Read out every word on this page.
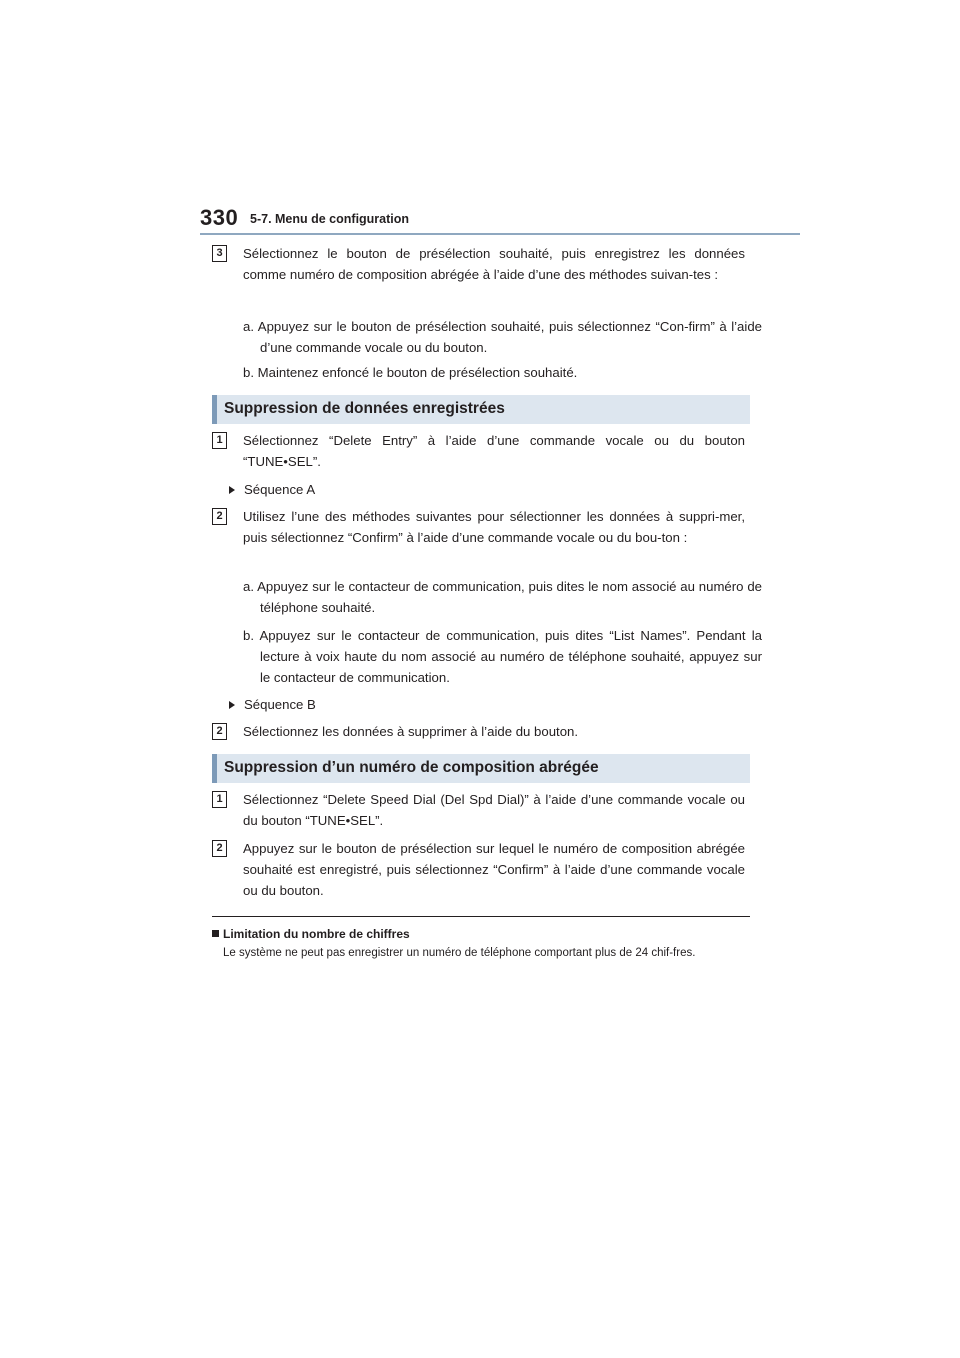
330 5-7. Menu de configuration
3	Sélectionnez le bouton de présélection souhaité, puis enregistrez les données comme numéro de composition abrégée à l’aide d’une des méthodes suivan-tes :
a. Appuyez sur le bouton de présélection souhaité, puis sélectionnez “Con-firm” à l’aide d’une commande vocale ou du bouton.
b. Maintenez enfoncé le bouton de présélection souhaité.
Suppression de données enregistrées
1	Sélectionnez “Delete Entry” à l’aide d’une commande vocale ou du bouton “TUNE•SEL”.
Séquence A
2	Utilisez l’une des méthodes suivantes pour sélectionner les données à suppri-mer, puis sélectionnez “Confirm” à l’aide d’une commande vocale ou du bou-ton :
a. Appuyez sur le contacteur de communication, puis dites le nom associé au numéro de téléphone souhaité.
b. Appuyez sur le contacteur de communication, puis dites “List Names”. Pendant la lecture à voix haute du nom associé au numéro de téléphone souhaité, appuyez sur le contacteur de communication.
Séquence B
2	Sélectionnez les données à supprimer à l’aide du bouton.
Suppression d’un numéro de composition abrégée
1	Sélectionnez “Delete Speed Dial (Del Spd Dial)” à l’aide d’une commande vocale ou du bouton “TUNE•SEL”.
2	Appuyez sur le bouton de présélection sur lequel le numéro de composition abrégée souhaité est enregistré, puis sélectionnez “Confirm” à l’aide d’une commande vocale ou du bouton.
Limitation du nombre de chiffres
Le système ne peut pas enregistrer un numéro de téléphone comportant plus de 24 chif-fres.
